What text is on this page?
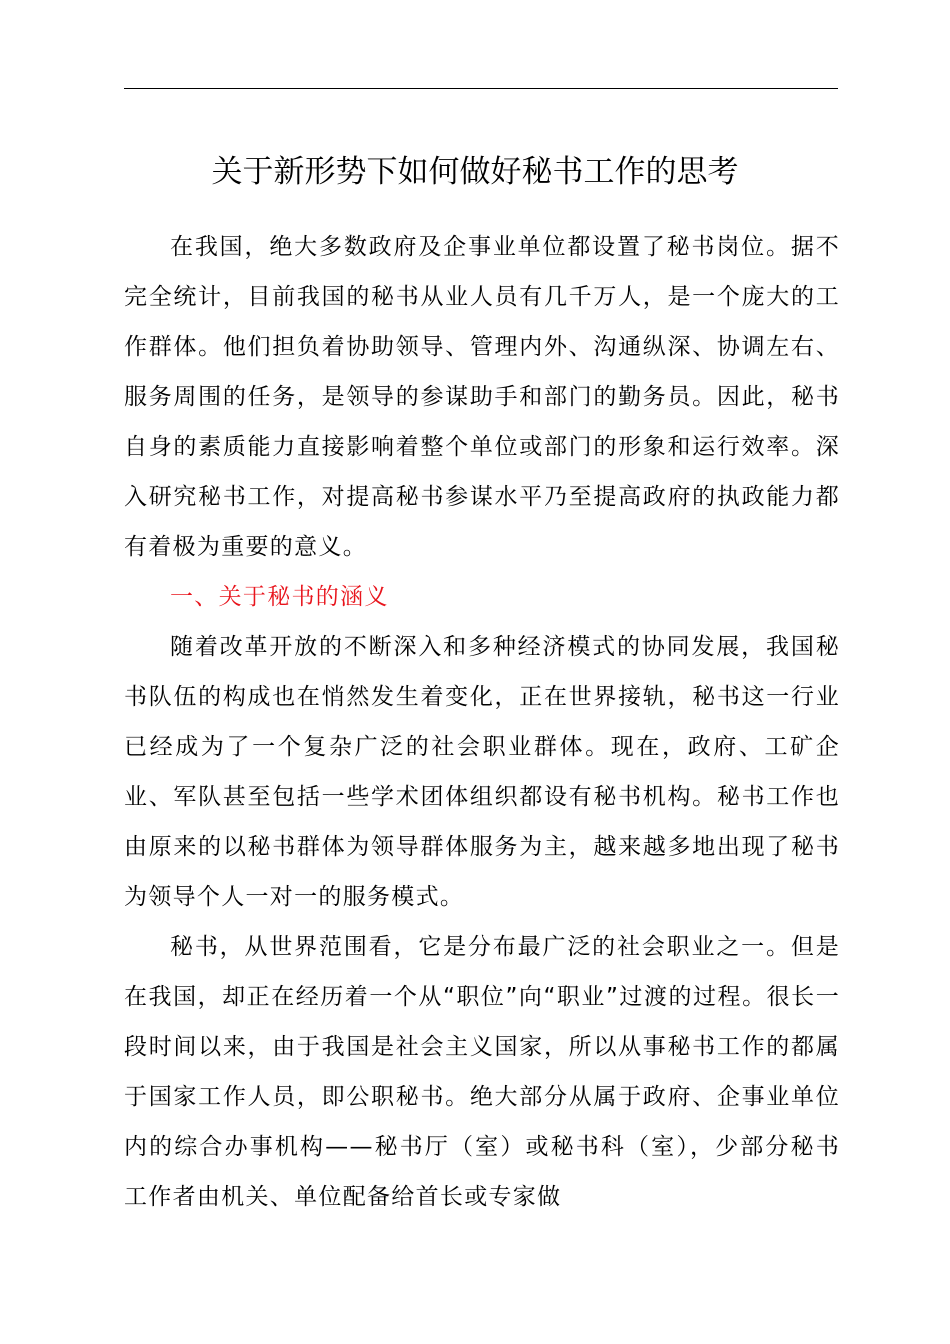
关于新形势下如何做好秘书工作的思考

在我国，绝大多数政府及企事业单位都设置了秘书岗位。据不完全统计，目前我国的秘书从业人员有几千万人，是一个庞大的工作群体。他们担负着协助领导、管理内外、沟通纵深、协调左右、服务周围的任务，是领导的参谋助手和部门的勤务员。因此，秘书自身的素质能力直接影响着整个单位或部门的形象和运行效率。深入研究秘书工作，对提高秘书参谋水平乃至提高政府的执政能力都有着极为重要的意义。

一、关于秘书的涵义

随着改革开放的不断深入和多种经济模式的协同发展，我国秘书队伍的构成也在悄然发生着变化，正在世界接轨，秘书这一行业已经成为了一个复杂广泛的社会职业群体。现在，政府、工矿企业、军队甚至包括一些学术团体组织都设有秘书机构。秘书工作也由原来的以秘书群体为领导群体服务为主，越来越多地出现了秘书为领导个人一对一的服务模式。

秘书，从世界范围看，它是分布最广泛的社会职业之一。但是在我国，却正在经历着一个从“职位”向“职业”过渡的过程。很长一段时间以来，由于我国是社会主义国家，所以从事秘书工作的都属于国家工作人员，即公职秘书。绝大部分从属于政府、企事业单位内的综合办事机构——秘书厅（室）或秘书科（室），少部分秘书工作者由机关、单位配备给首长或专家做
